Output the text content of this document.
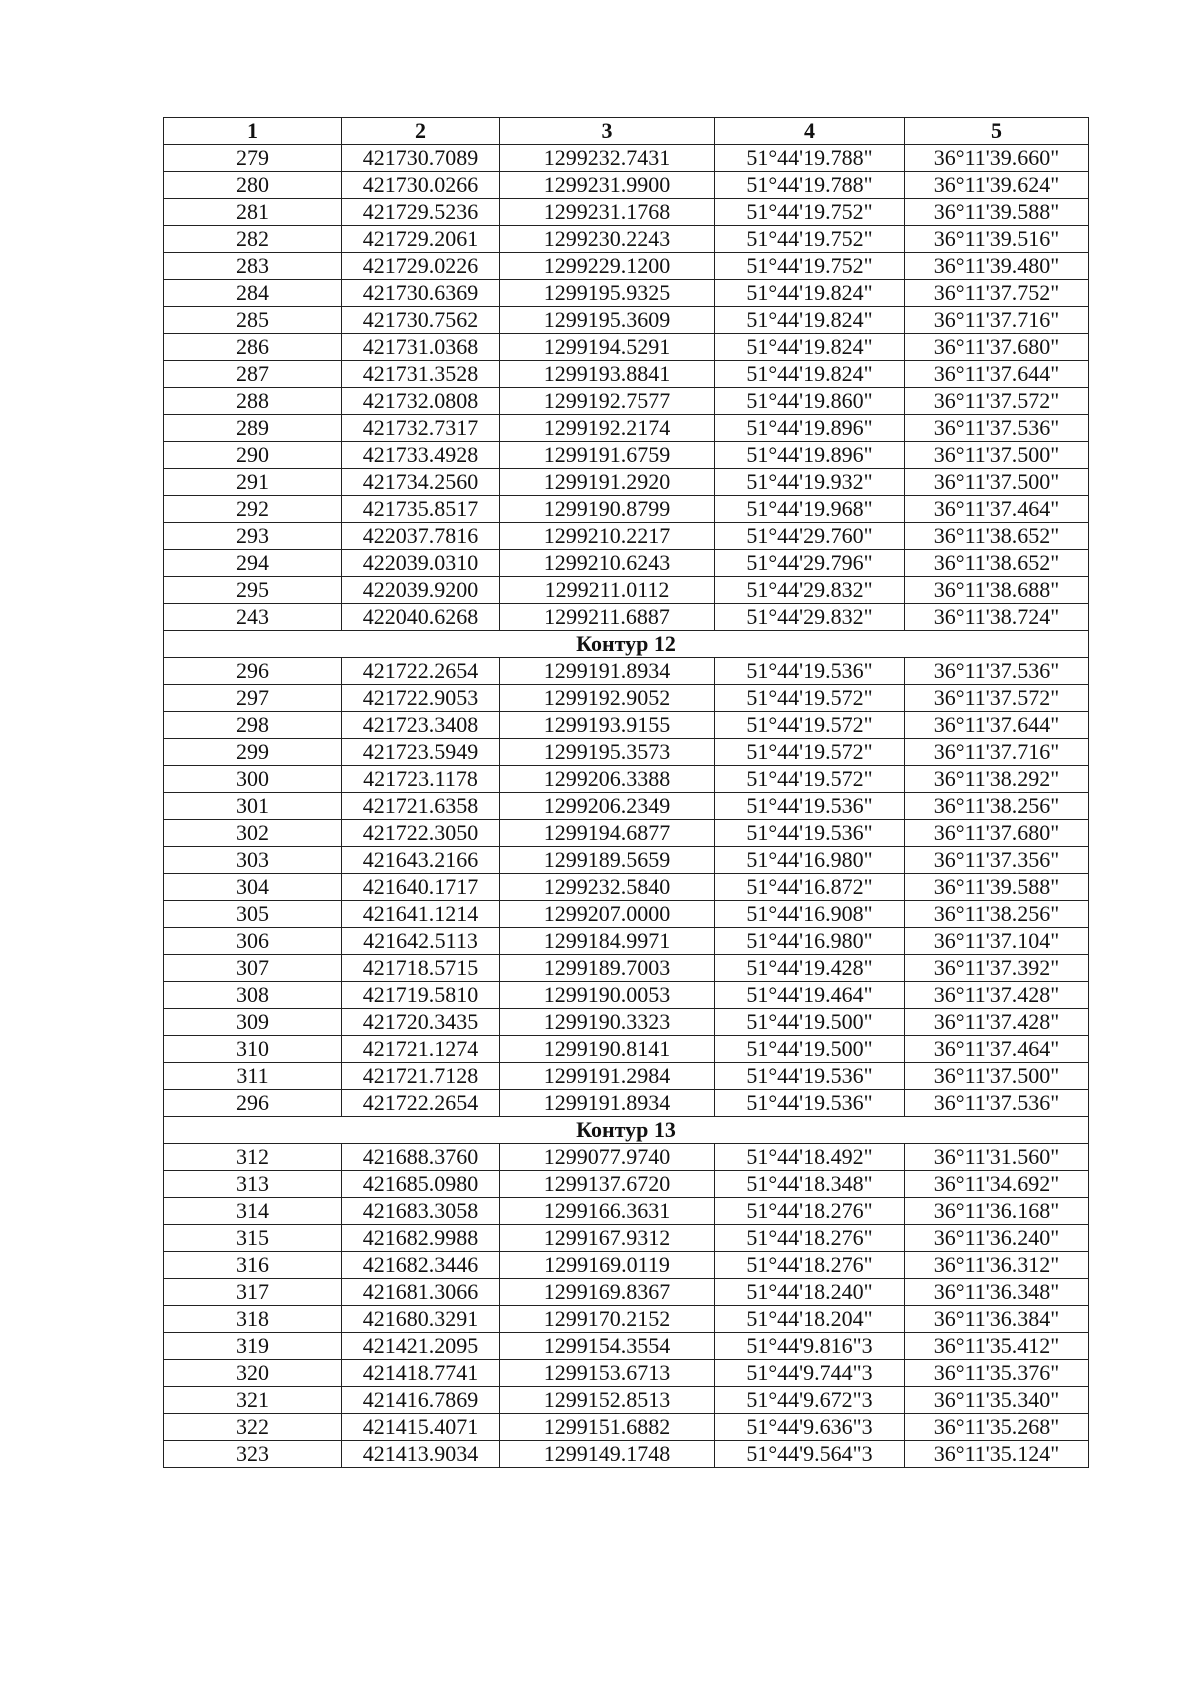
1	2	3	4	5
279	421730.7089	1299232.7431	51°44'19.788"	36°11'39.660"
280	421730.0266	1299231.9900	51°44'19.788"	36°11'39.624"
281	421729.5236	1299231.1768	51°44'19.752"	36°11'39.588"
282	421729.2061	1299230.2243	51°44'19.752"	36°11'39.516"
283	421729.0226	1299229.1200	51°44'19.752"	36°11'39.480"
284	421730.6369	1299195.9325	51°44'19.824"	36°11'37.752"
285	421730.7562	1299195.3609	51°44'19.824"	36°11'37.716"
286	421731.0368	1299194.5291	51°44'19.824"	36°11'37.680"
287	421731.3528	1299193.8841	51°44'19.824"	36°11'37.644"
288	421732.0808	1299192.7577	51°44'19.860"	36°11'37.572"
289	421732.7317	1299192.2174	51°44'19.896"	36°11'37.536"
290	421733.4928	1299191.6759	51°44'19.896"	36°11'37.500"
291	421734.2560	1299191.2920	51°44'19.932"	36°11'37.500"
292	421735.8517	1299190.8799	51°44'19.968"	36°11'37.464"
293	422037.7816	1299210.2217	51°44'29.760"	36°11'38.652"
294	422039.0310	1299210.6243	51°44'29.796"	36°11'38.652"
295	422039.9200	1299211.0112	51°44'29.832"	36°11'38.688"
243	422040.6268	1299211.6887	51°44'29.832"	36°11'38.724"
Контур 12				
296	421722.2654	1299191.8934	51°44'19.536"	36°11'37.536"
297	421722.9053	1299192.9052	51°44'19.572"	36°11'37.572"
298	421723.3408	1299193.9155	51°44'19.572"	36°11'37.644"
299	421723.5949	1299195.3573	51°44'19.572"	36°11'37.716"
300	421723.1178	1299206.3388	51°44'19.572"	36°11'38.292"
301	421721.6358	1299206.2349	51°44'19.536"	36°11'38.256"
302	421722.3050	1299194.6877	51°44'19.536"	36°11'37.680"
303	421643.2166	1299189.5659	51°44'16.980"	36°11'37.356"
304	421640.1717	1299232.5840	51°44'16.872"	36°11'39.588"
305	421641.1214	1299207.0000	51°44'16.908"	36°11'38.256"
306	421642.5113	1299184.9971	51°44'16.980"	36°11'37.104"
307	421718.5715	1299189.7003	51°44'19.428"	36°11'37.392"
308	421719.5810	1299190.0053	51°44'19.464"	36°11'37.428"
309	421720.3435	1299190.3323	51°44'19.500"	36°11'37.428"
310	421721.1274	1299190.8141	51°44'19.500"	36°11'37.464"
311	421721.7128	1299191.2984	51°44'19.536"	36°11'37.500"
296	421722.2654	1299191.8934	51°44'19.536"	36°11'37.536"
Контур 13				
312	421688.3760	1299077.9740	51°44'18.492"	36°11'31.560"
313	421685.0980	1299137.6720	51°44'18.348"	36°11'34.692"
314	421683.3058	1299166.3631	51°44'18.276"	36°11'36.168"
315	421682.9988	1299167.9312	51°44'18.276"	36°11'36.240"
316	421682.3446	1299169.0119	51°44'18.276"	36°11'36.312"
317	421681.3066	1299169.8367	51°44'18.240"	36°11'36.348"
318	421680.3291	1299170.2152	51°44'18.204"	36°11'36.384"
319	421421.2095	1299154.3554	51°44'9.816"3	36°11'35.412"
320	421418.7741	1299153.6713	51°44'9.744"3	36°11'35.376"
321	421416.7869	1299152.8513	51°44'9.672"3	36°11'35.340"
322	421415.4071	1299151.6882	51°44'9.636"3	36°11'35.268"
323	421413.9034	1299149.1748	51°44'9.564"3	36°11'35.124"
